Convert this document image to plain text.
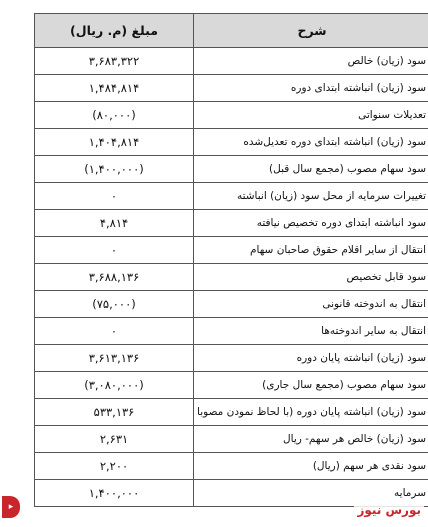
شرح	مبلغ (م. ریال)
سود (زیان) خالص	۳,۶۸۳,۳۲۲
سود (زیان) انباشته ابتدای دوره	۱,۴۸۴,۸۱۴
تعدیلات سنواتی	(۸۰,۰۰۰)
سود (زیان) انباشته ابتدای دوره تعدیل‌شده	۱,۴۰۴,۸۱۴
سود سهام مصوب (مجمع سال قبل)	(۱,۴۰۰,۰۰۰)
تغییرات سرمایه از محل سود (زیان) انباشته	۰
سود انباشته ابتدای دوره تخصیص نیافته	۴,۸۱۴
انتقال از سایر اقلام حقوق صاحبان سهام	۰
سود قابل تخصیص	۳,۶۸۸,۱۳۶
انتقال به اندوخته قانونی	(۷۵,۰۰۰)
انتقال به سایر اندوخته‌ها	۰
سود (زیان) انباشته پایان دوره	۳,۶۱۳,۱۳۶
سود سهام مصوب (مجمع سال جاری)	(۳,۰۸۰,۰۰۰)
سود (زیان) انباشته پایان دوره (با لحاظ نمودن مصوبا	۵۳۳,۱۳۶
سود (زیان) خالص هر سهم- ریال	۲,۶۳۱
سود نقدی هر سهم (ریال)	۲,۲۰۰
سرمایه	۱,۴۰۰,۰۰۰
▸	بورس نیوز
